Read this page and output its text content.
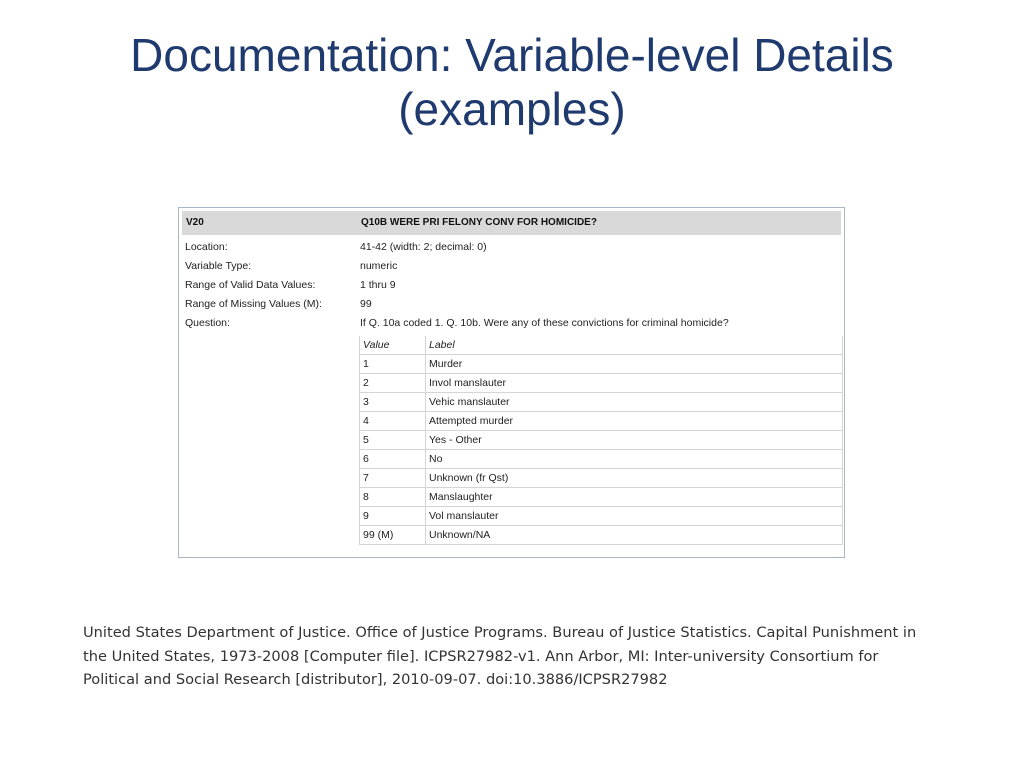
Documentation: Variable-level Details
(examples)
V20	Q10B WERE PRI FELONY CONV FOR HOMICIDE?
Location:	41-42 (width: 2; decimal: 0)
Variable Type:	numeric
Range of Valid Data Values:	1 thru 9
Range of Missing Values (M):	99
Question:	If Q. 10a coded 1. Q. 10b. Were any of these convictions for criminal homicide?
Value	Label
1	Murder
2	Invol manslauter
3	Vehic manslauter
4	Attempted murder
5	Yes - Other
6	No
7	Unknown (fr Qst)
8	Manslaughter
9	Vol manslauter
99 (M)	Unknown/NA
United States Department of Justice. Office of Justice Programs. Bureau of Justice Statistics. Capital Punishment in the United States, 1973-2008 [Computer file]. ICPSR27982-v1. Ann Arbor, MI: Inter-university Consortium for Political and Social Research [distributor], 2010-09-07. doi:10.3886/ICPSR27982
